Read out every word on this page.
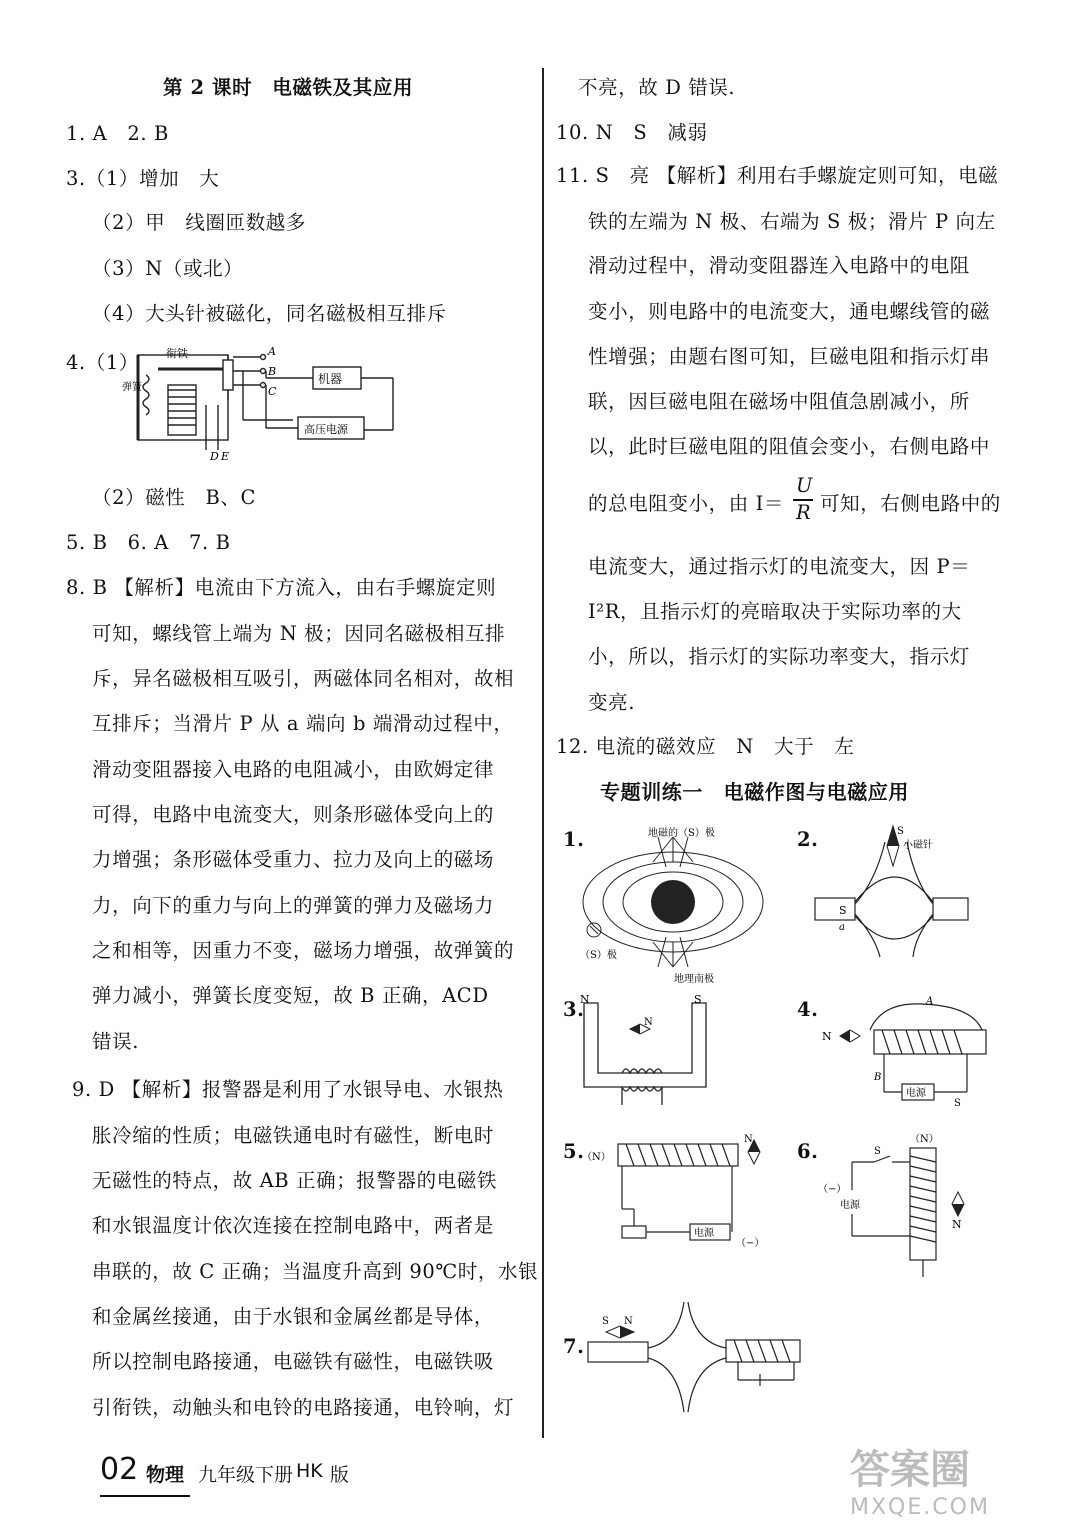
第 2 课时　电磁铁及其应用
1. A　2. B
3.（1）增加　大
（2）甲　线圈匝数越多
（3）N（或北）
（4）大头针被磁化，同名磁极相互排斥
4.（1） 衔铁
弹簧
A
B
C
D E
机器
高压电源
（2）磁性　B、C
5. B　6. A　7. B
8. B 【解析】电流由下方流入，由右手螺旋定则
可知，螺线管上端为 N 极；因同名磁极相互排
斥，异名磁极相互吸引，两磁体同名相对，故相
互排斥；当滑片 P 从 a 端向 b 端滑动过程中，
滑动变阻器接入电路的电阻减小，由欧姆定律
可得，电路中电流变大，则条形磁体受向上的
力增强；条形磁体受重力、拉力及向上的磁场
力，向下的重力与向上的弹簧的弹力及磁场力
之和相等，因重力不变，磁场力增强，故弹簧的
弹力减小，弹簧长度变短，故 B 正确，ACD
错误.
9. D 【解析】报警器是利用了水银导电、水银热
胀冷缩的性质；电磁铁通电时有磁性，断电时
无磁性的特点，故 AB 正确；报警器的电磁铁
和水银温度计依次连接在控制电路中，两者是
串联的，故 C 正确；当温度升高到 90℃时，水银
和金属丝接通，由于水银和金属丝都是导体，
所以控制电路接通，电磁铁有磁性，电磁铁吸
引衔铁，动触头和电铃的电路接通，电铃响，灯
不亮，故 D 错误.
10. N　S　减弱
11. S　亮 【解析】利用右手螺旋定则可知，电磁
铁的左端为 N 极、右端为 S 极；滑片 P 向左
滑动过程中，滑动变阻器连入电路中的电阻
变小，则电路中的电流变大，通电螺线管的磁
性增强；由题右图可知，巨磁电阻和指示灯串
联，因巨磁电阻在磁场中阻值急剧减小，所
以，此时巨磁电阻的阻值会变小，右侧电路中
的总电阻变小，由 I＝
U
R 可知，右侧电路中的
电流变大，通过指示灯的电流变大，因 P＝
I²R，且指示灯的亮暗取决于实际功率的大
小，所以，指示灯的实际功率变大，指示灯
变亮.
12. 电流的磁效应　N　大于　左
专题训练一　电磁作图与电磁应用
1.	地磁的（S）极
（S）极
地理南极
2.	S
小磁针
S
a
3.
N	S
N
4.	A
N
B
电源
S
5.
（N）
N
电源
（−）
6.
（N）
（−）
电源
S
N
7.
S N
02 物理 九年级下册 HK 版	答案圈
MXQE.COM
